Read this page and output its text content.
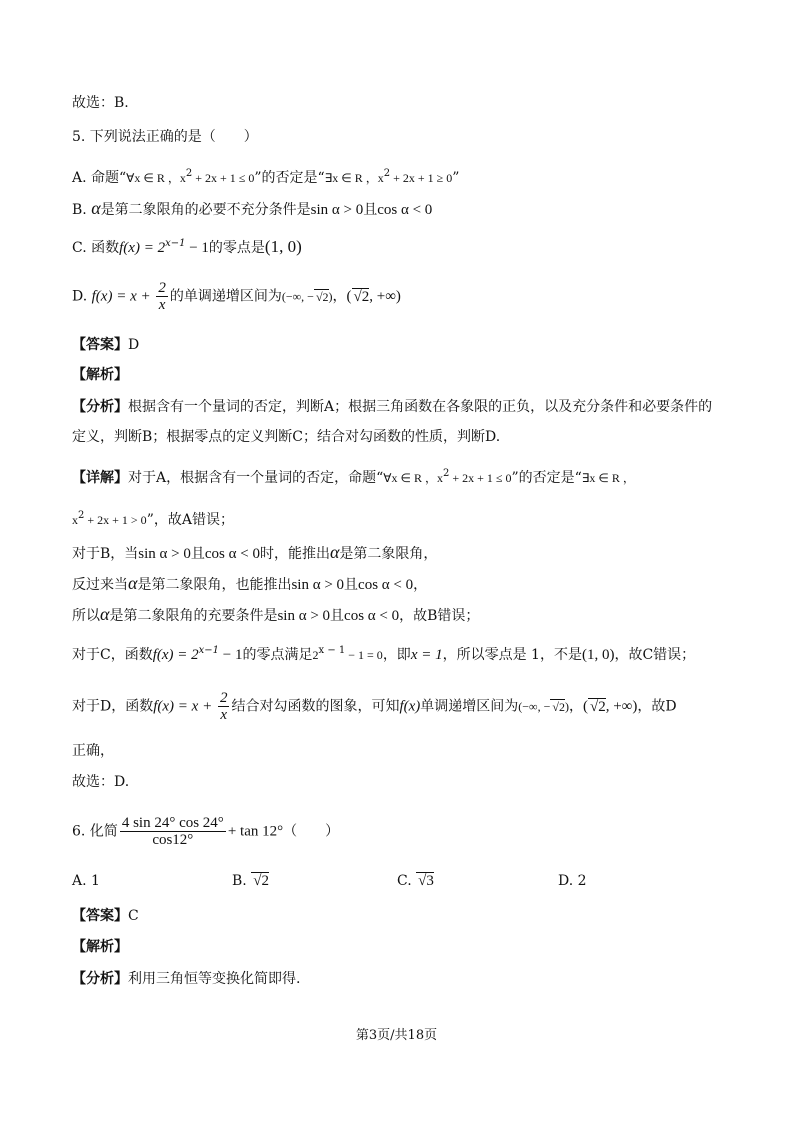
故选：B.
5. 下列说法正确的是（　　）
A. 命题“∀x ∈ R ，$x^2 + 2x + 1 \le 0$”的否定是“∃x ∈ R ，$x^2 + 2x + 1 \ge 0$”
B. α是第二象限角的必要不充分条件是sin α > 0且cos α < 0
C. 函数$f(x) = 2^{x-1} - 1$的零点是(1, 0)
D. $f(x) = x + \frac{2}{x}$ 的单调递增区间为(−∞, − √2)，( √2, +∞)
【答案】D
【解析】
【分析】根据含有一个量词的否定，判断A；根据三角函数在各象限的正负，以及充分条件和必要条件的
定义，判断B；根据零点的定义判断C；结合对勾函数的性质，判断D.
【详解】对于A，根据含有一个量词的否定，命题“∀x ∈ R ，$x^2 + 2x + 1 \le 0$”的否定是“∃x ∈ R ，
$x^2 + 2x + 1 > 0$”，故A错误；
对于B，当sin α > 0且cos α < 0时，能推出α是第二象限角，
反过来当α是第二象限角，也能推出sin α > 0且cos α < 0，
所以α是第二象限角的充要条件是sin α > 0且cos α < 0，故B错误；
对于C，函数$f(x) = 2^{x-1} - 1$的零点满足$2^{x - 1} - 1 = 0$，即x = 1，所以零点是 1，不是(1, 0)，故C错误；
对于D，函数$f(x) = x + \frac{2}{x}$ 结合对勾函数的图象，可知f(x)单调递增区间为(−∞, − √2)，( √2, +∞)，故D
正确，
故选：D.
6. 化简 $\frac{4 \sin 24^\circ \cos 24^\circ}{\cos 12^\circ} + \tan 12^\circ$（　　）
A. 1	B. √2	C. √3	D. 2
【答案】C
【解析】
【分析】利用三角恒等变换化简即得.
第3页/共18页
